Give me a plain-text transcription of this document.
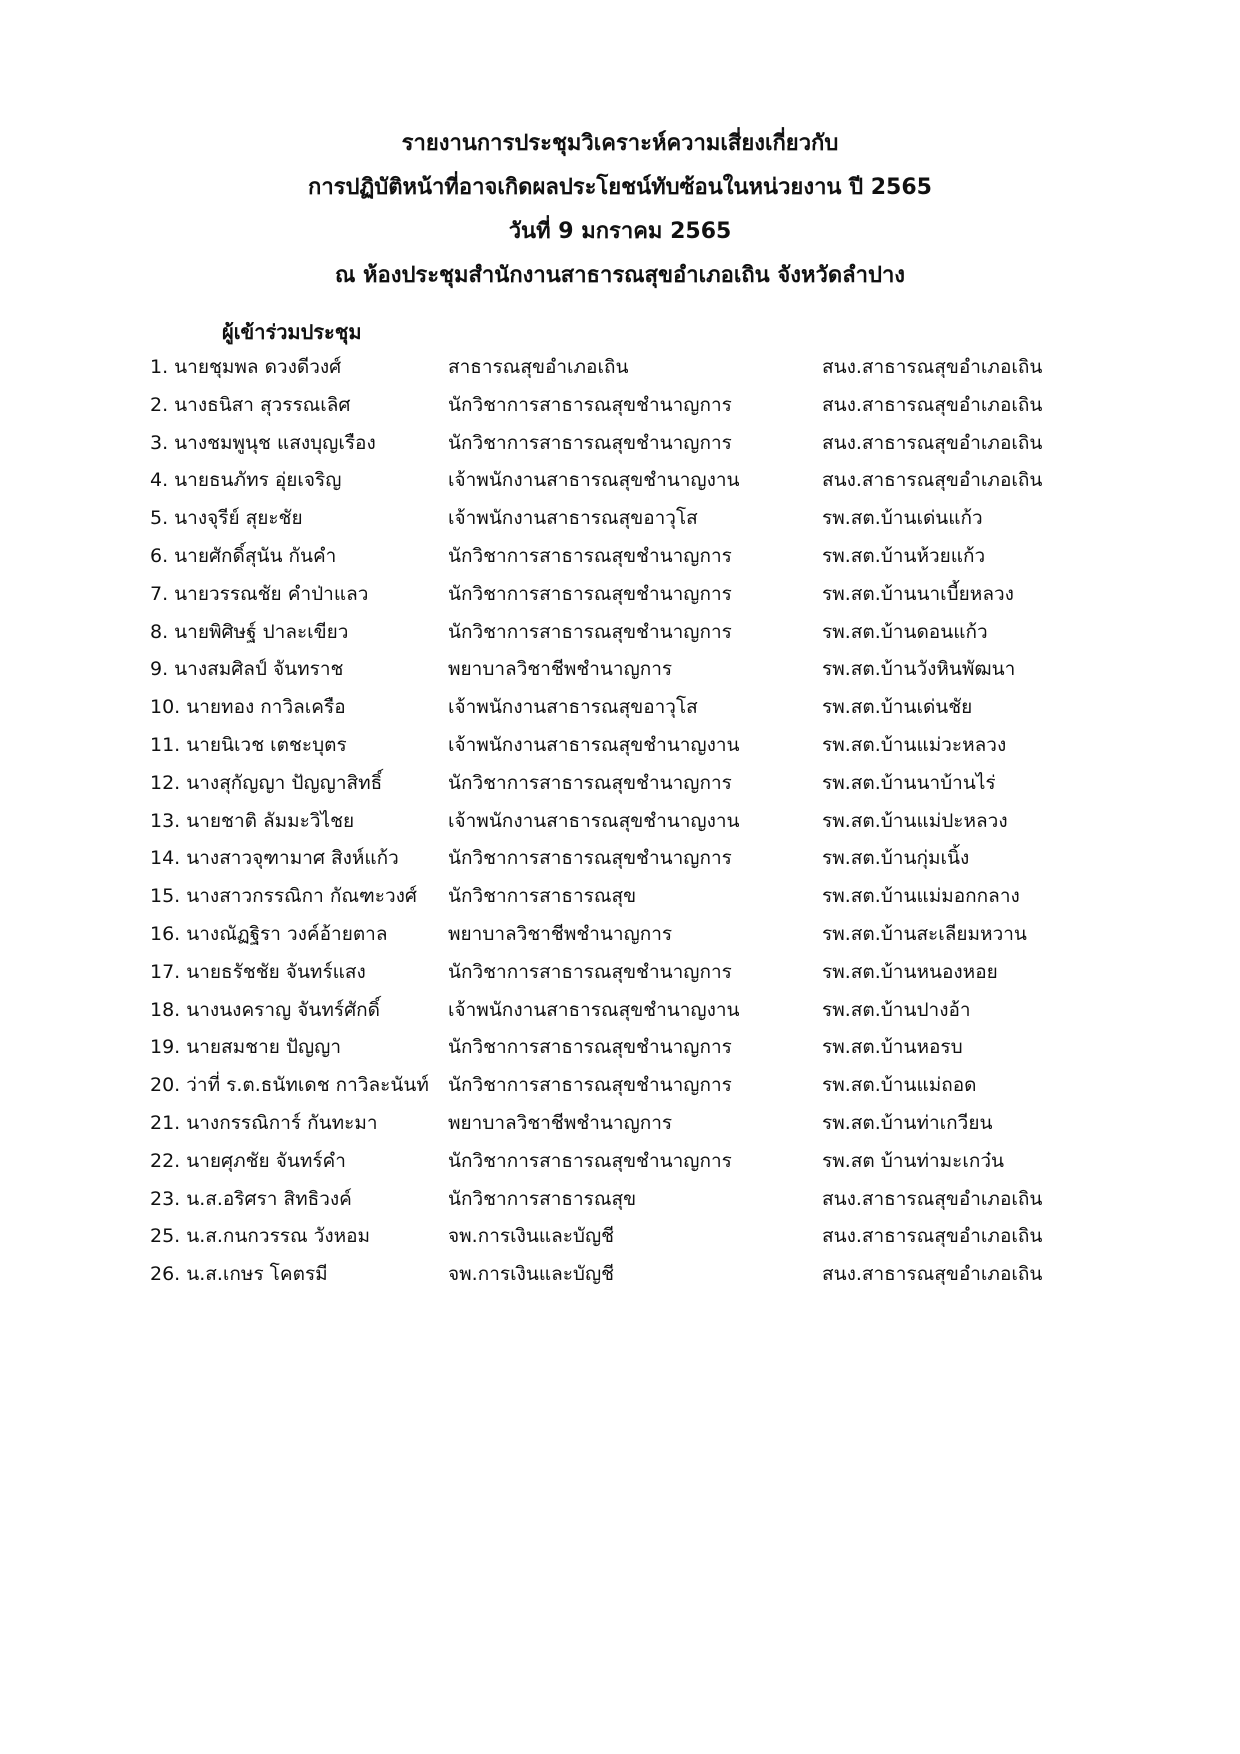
รายงานการประชุมวิเคราะห์ความเสี่ยงเกี่ยวกับ
การปฏิบัติหน้าที่อาจเกิดผลประโยชน์ทับซ้อนในหน่วยงาน ปี 2565
วันที่ 9 มกราคม 2565
ณ ห้องประชุมสำนักงานสาธารณสุขอำเภอเถิน จังหวัดลำปาง
ผู้เข้าร่วมประชุม
1. นายชุมพล ดวงดีวงศ์	สาธารณสุขอำเภอเถิน	สนง.สาธารณสุขอำเภอเถิน
2. นางธนิสา สุวรรณเลิศ	นักวิชาการสาธารณสุขชำนาญการ	สนง.สาธารณสุขอำเภอเถิน
3. นางชมพูนุช แสงบุญเรือง	นักวิชาการสาธารณสุขชำนาญการ	สนง.สาธารณสุขอำเภอเถิน
4. นายธนภัทร อุ่ยเจริญ	เจ้าพนักงานสาธารณสุขชำนาญงาน	สนง.สาธารณสุขอำเภอเถิน
5. นางจุรีย์ สุยะชัย	เจ้าพนักงานสาธารณสุขอาวุโส	รพ.สต.บ้านเด่นแก้ว
6. นายศักดิ์สุนัน กันคำ	นักวิชาการสาธารณสุขชำนาญการ	รพ.สต.บ้านห้วยแก้ว
7. นายวรรณชัย คำป่าแลว	นักวิชาการสาธารณสุขชำนาญการ	รพ.สต.บ้านนาเบี้ยหลวง
8. นายพิศิษฐ์ ปาละเขียว	นักวิชาการสาธารณสุขชำนาญการ	รพ.สต.บ้านดอนแก้ว
9. นางสมศิลป์ จันทราช	พยาบาลวิชาชีพชำนาญการ	รพ.สต.บ้านวังหินพัฒนา
10. นายทอง กาวิลเครือ	เจ้าพนักงานสาธารณสุขอาวุโส	รพ.สต.บ้านเด่นชัย
11. นายนิเวช เตชะบุตร	เจ้าพนักงานสาธารณสุขชำนาญงาน	รพ.สต.บ้านแม่วะหลวง
12. นางสุกัญญา ปัญญาสิทธิ์	นักวิชาการสาธารณสุขชำนาญการ	รพ.สต.บ้านนาบ้านไร่
13. นายชาติ ลัมมะวิไชย	เจ้าพนักงานสาธารณสุขชำนาญงาน	รพ.สต.บ้านแม่ปะหลวง
14. นางสาวจุฑามาศ สิงห์แก้ว	นักวิชาการสาธารณสุขชำนาญการ	รพ.สต.บ้านกุ่มเนิ้ง
15. นางสาวกรรณิกา กัณฑะวงศ์ นักวิชาการสาธารณสุข	รพ.สต.บ้านแม่มอกกลาง
16. นางณัฏฐิรา วงค์อ้ายตาล	พยาบาลวิชาชีพชำนาญการ	รพ.สต.บ้านสะเลียมหวาน
17. นายธรัชชัย จันทร์แสง	นักวิชาการสาธารณสุขชำนาญการ	รพ.สต.บ้านหนองหอย
18. นางนงคราญ จันทร์ศักดิ์	เจ้าพนักงานสาธารณสุขชำนาญงาน	รพ.สต.บ้านปางอ้า
19. นายสมชาย ปัญญา	นักวิชาการสาธารณสุขชำนาญการ	รพ.สต.บ้านหอรบ
20. ว่าที่ ร.ต.ธนัทเดช กาวิละนันท์ นักวิชาการสาธารณสุขชำนาญการ	รพ.สต.บ้านแม่ถอด
21. นางกรรณิการ์ กันทะมา	พยาบาลวิชาชีพชำนาญการ	รพ.สต.บ้านท่าเกวียน
22. นายศุภชัย จันทร์คำ	นักวิชาการสาธารณสุขชำนาญการ	รพ.สต บ้านท่ามะเกว๋น
23. น.ส.อริศรา สิทธิวงค์	นักวิชาการสาธารณสุข	สนง.สาธารณสุขอำเภอเถิน
25. น.ส.กนกวรรณ วังหอม	จพ.การเงินและบัญชี	สนง.สาธารณสุขอำเภอเถิน
26. น.ส.เกษร โคตรมี	จพ.การเงินและบัญชี	สนง.สาธารณสุขอำเภอเถิน
